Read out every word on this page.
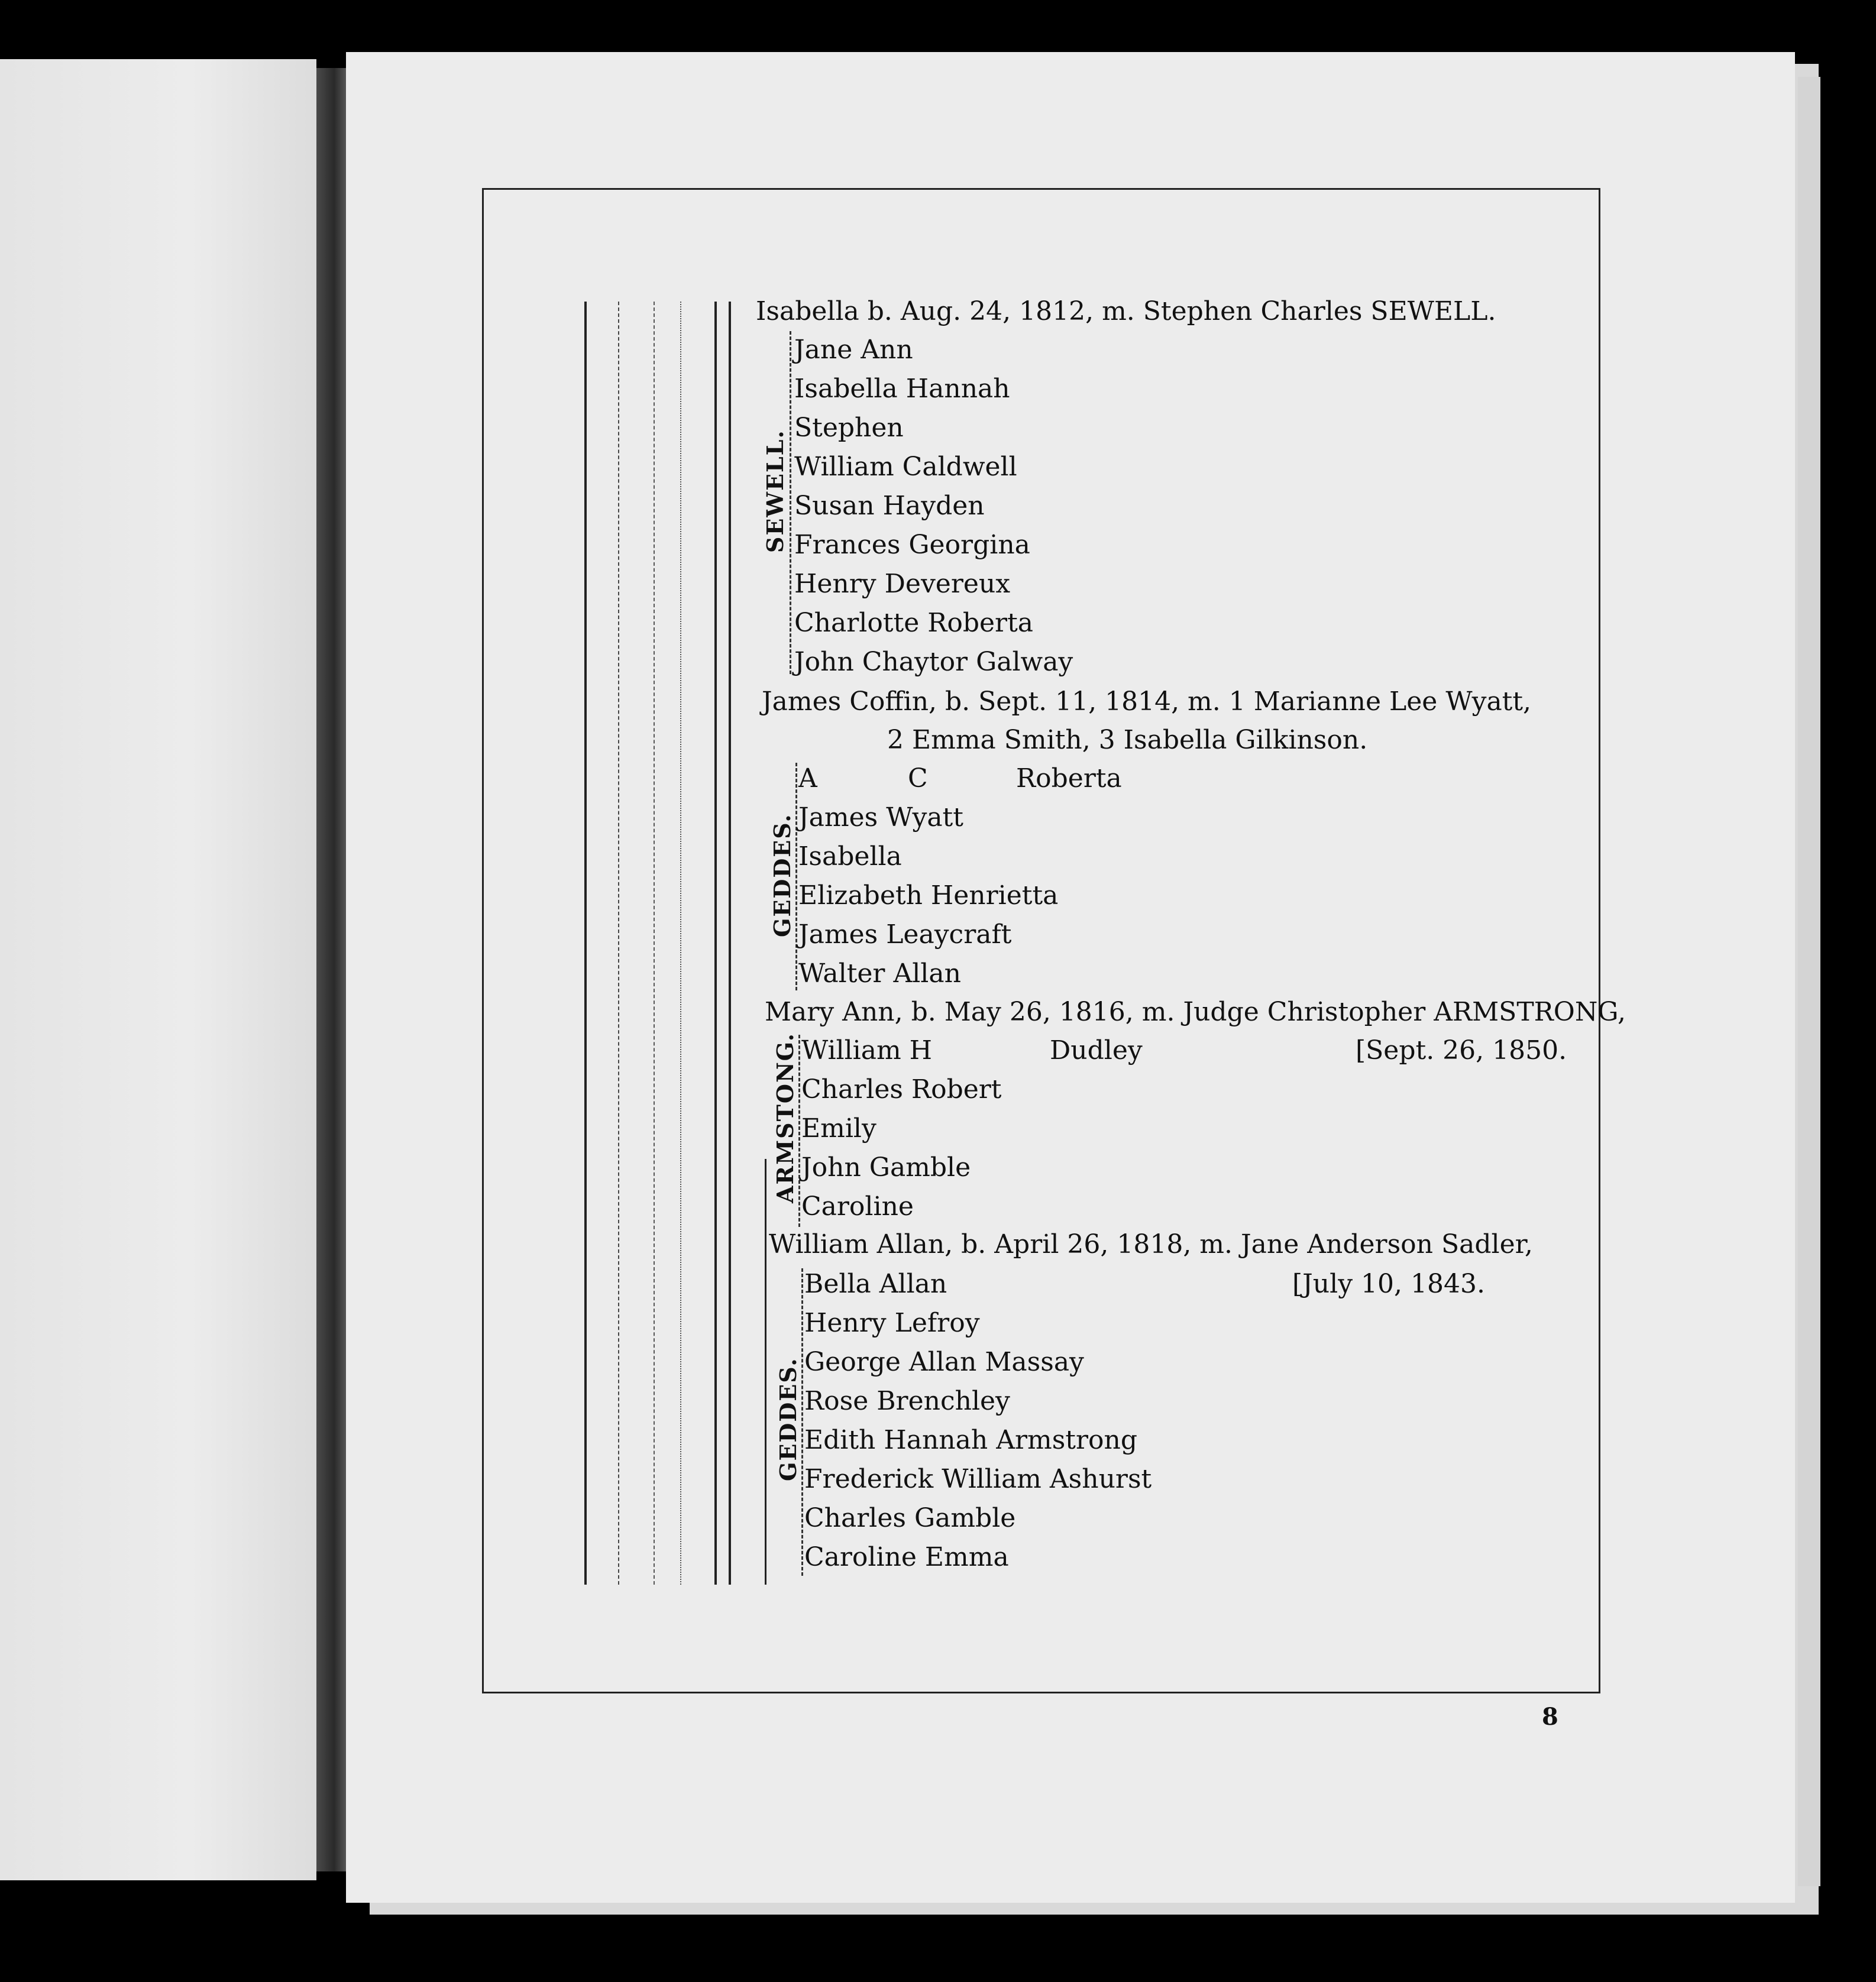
Isabella b. Aug. 24, 1812, m. Stephen Charles SEWELL.
SEWELL.
Jane Ann
Isabella Hannah
Stephen
William Caldwell
Susan Hayden
Frances Georgina
Henry Devereux
Charlotte Roberta
John Chaytor Galway
James Coffin, b. Sept. 11, 1814, m. 1 Marianne Lee Wyatt,
2 Emma Smith, 3 Isabella Gilkinson.
GEDDES.
A	C	Roberta
James Wyatt
Isabella
Elizabeth Henrietta
James Leaycraft
Walter Allan
Mary Ann, b. May 26, 1816, m. Judge Christopher ARMSTRONG,
ARMSTONG. William H	Dudley	[Sept. 26, 1850.
Charles Robert
Emily
John Gamble
Caroline
William Allan, b. April 26, 1818, m. Jane Anderson Sadler,
GEDDES.
Bella Allan	[July 10, 1843.
Henry Lefroy
George Allan Massay
Rose Brenchley
Edith Hannah Armstrong
Frederick William Ashurst
Charles Gamble
Caroline Emma
8
